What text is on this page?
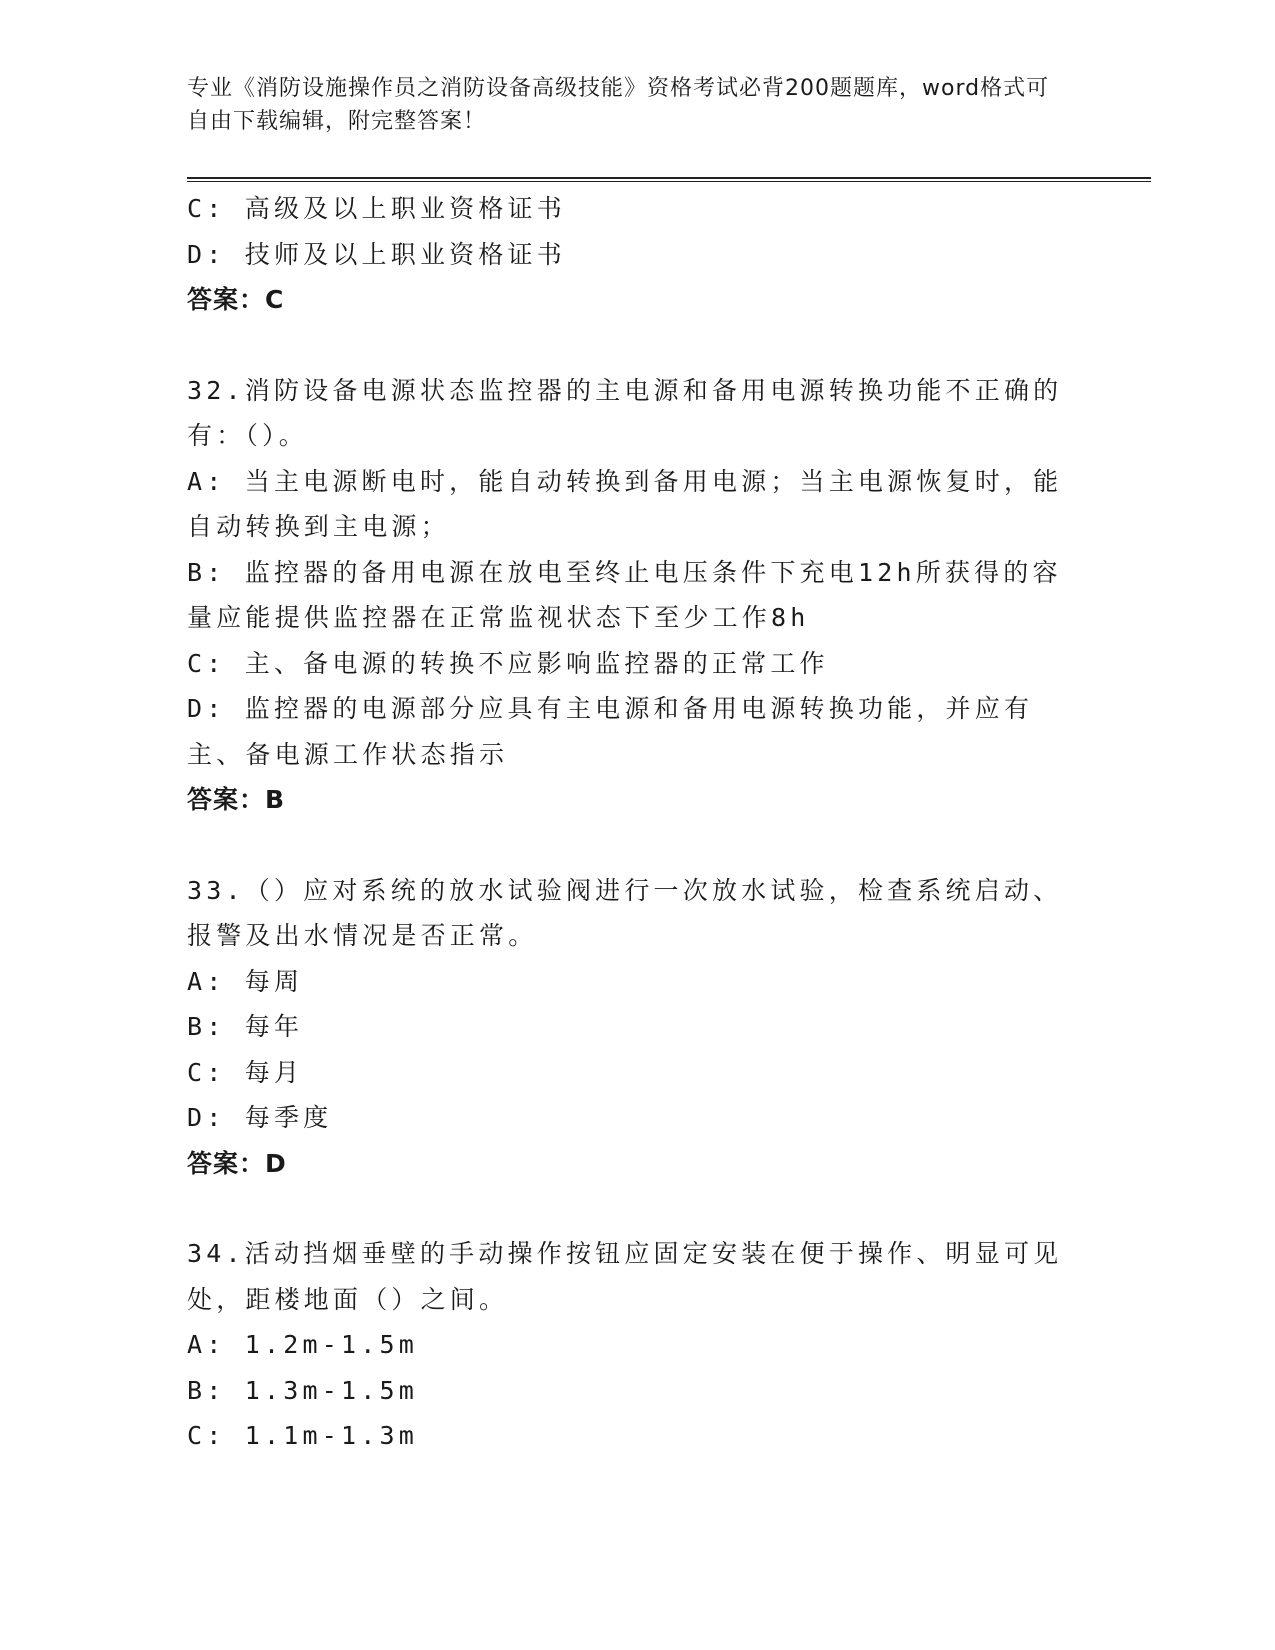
专业《消防设施操作员之消防设备高级技能》资格考试必背200题题库，word格式可自由下载编辑，附完整答案！
C: 高级及以上职业资格证书
D: 技师及以上职业资格证书
答案：C
32.消防设备电源状态监控器的主电源和备用电源转换功能不正确的有：（）。
A: 当主电源断电时，能自动转换到备用电源；当主电源恢复时，能自动转换到主电源；
B: 监控器的备用电源在放电至终止电压条件下充电12h所获得的容量应能提供监控器在正常监视状态下至少工作8h
C: 主、备电源的转换不应影响监控器的正常工作
D: 监控器的电源部分应具有主电源和备用电源转换功能，并应有主、备电源工作状态指示
答案：B
33.（）应对系统的放水试验阀进行一次放水试验，检查系统启动、报警及出水情况是否正常。
A: 每周
B: 每年
C: 每月
D: 每季度
答案：D
34.活动挡烟垂壁的手动操作按钮应固定安装在便于操作、明显可见处，距楼地面（）之间。
A: 1.2m-1.5m
B: 1.3m-1.5m
C: 1.1m-1.3m
